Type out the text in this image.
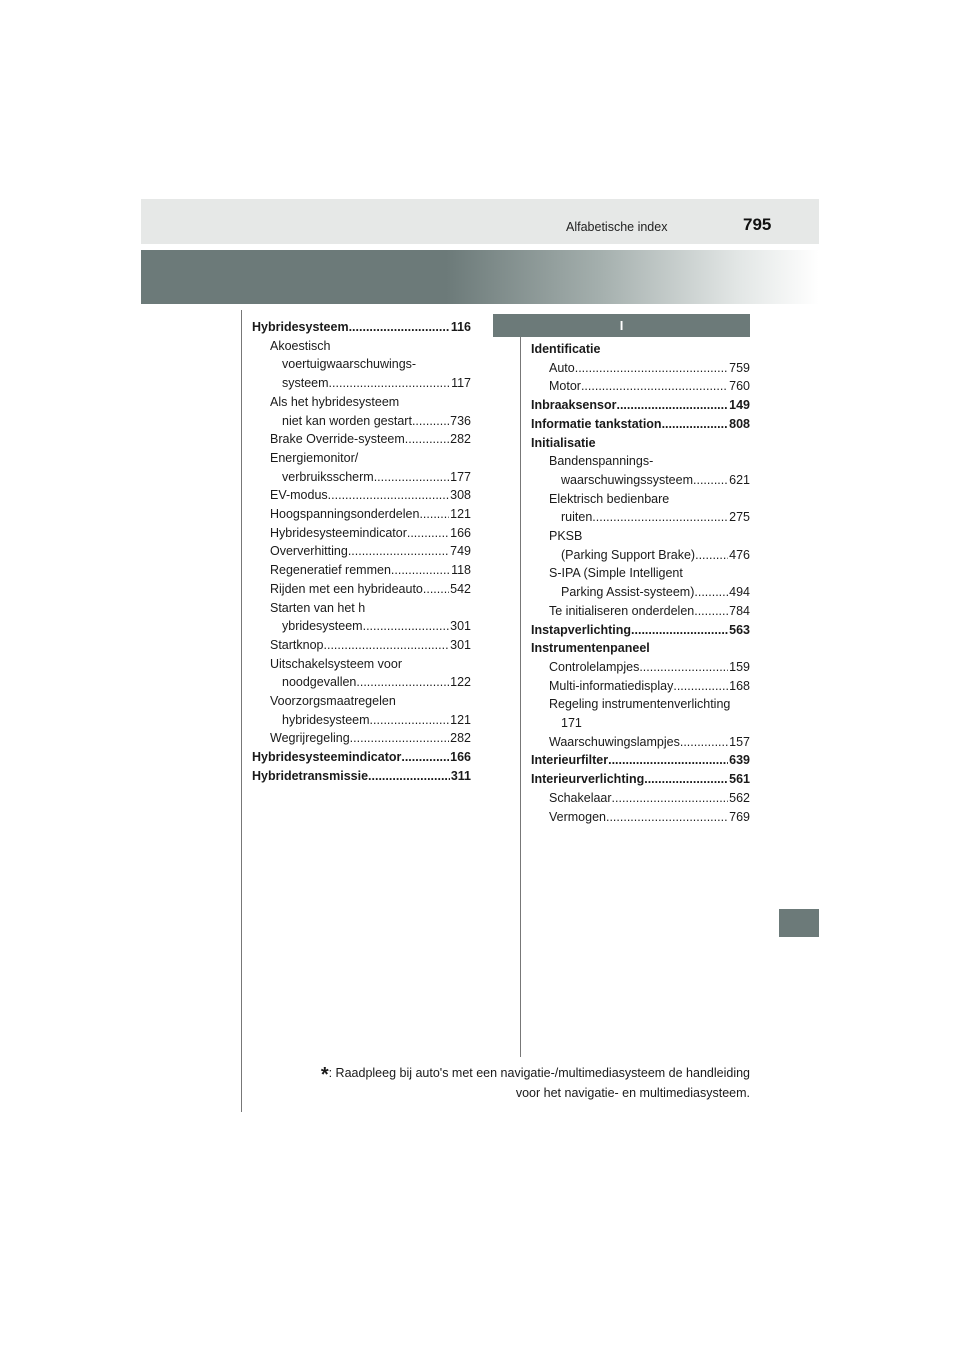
Alfabetische index	795
I
Hybridesysteem .....	116
Akoestisch
voertuigwaarschuwings-
systeem .....	117
Als het hybridesysteem
niet kan worden gestart .....	736
Brake Override-systeem .....	282
Energiemonitor/
verbruiksscherm .....	177
EV-modus .....	308
Hoogspanningsonderdelen ..... 121
Hybridesysteemindicator .....	166
Oververhitting .....	749
Regeneratief remmen .....	118
Rijden met een hybrideauto ..... 542
Starten van het h
ybridesysteem .....	301
Startknop .....	301
Uitschakelsysteem voor
noodgevallen .....	122
Voorzorgsmaatregelen
hybridesysteem .....	121
Wegrijregeling .....	282
Hybridesysteemindicator .....	166
Hybridetransmissie .....	311
Identificatie
Auto .....	759
Motor .....	760
Inbraaksensor .....	149
Informatie tankstation .....	808
Initialisatie
Bandenspannings-
waarschuwingssysteem .....	621
Elektrisch bedienbare
ruiten .....	275
PKSB
(Parking Support Brake) .....	476
S-IPA (Simple Intelligent
Parking Assist-systeem) .....	494
Te initialiseren onderdelen .....	784
Instapverlichting .....	563
Instrumentenpaneel
Controlelampjes .....	159
Multi-informatiedisplay .....	168
Regeling instrumentenverlichting
171
Waarschuwingslampjes .....	157
Interieurfilter .....	639
Interieurverlichting .....	561
Schakelaar .....	562
Vermogen .....	769
*: Raadpleeg bij auto's met een navigatie-/multimediasysteem de handleiding
voor het navigatie- en multimediasysteem.
